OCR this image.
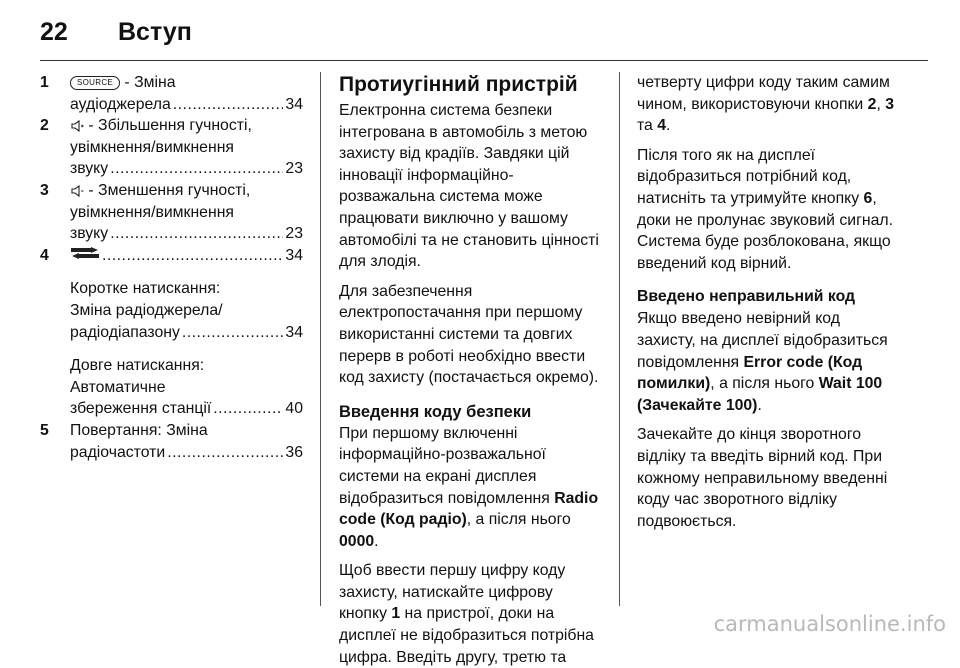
22 Вступ
1	SOURCE - Зміна
аудіоджерела .....	34
2	- Збільшення гучності,
увімкнення/вимкнення
звуку .....	23
3	- Зменшення гучності,
увімкнення/вимкнення
звуку .....	23
4 .....	34
Коротке натискання:
Зміна радіоджерела/
радіодіапазону .....	34
Довге натискання:
Автоматичне
збереження станції .....	40
5 Повертання: Зміна
радіочастоти .....	36
Протиугінний пристрій

Електронна система безпеки
інтегрована в автомобіль з метою
захисту від крадіїв. Завдяки цій
інновації інформаційно-
розважальна система може
працювати виключно у вашому
автомобілі та не становить цінності
для злодія.

Для забезпечення
електропостачання при першому
використанні системи та довгих
перерв в роботі необхідно ввести
код захисту (постачається окремо).

Введення коду безпеки

При першому включенні
інформаційно-розважальної
системи на екрані дисплея
відобразиться повідомлення Radio
code (Код радіо), а після нього
0000.

Щоб ввести першу цифру коду
захисту, натискайте цифрову
кнопку 1 на пристрої, доки на
дисплеї не відобразиться потрібна
цифра. Введіть другу, третю та

четверту цифри коду таким самим
чином, використовуючи кнопки 2, 3
та 4.

Після того як на дисплеї
відобразиться потрібний код,
натисніть та утримуйте кнопку 6,
доки не пролунає звуковий сигнал.
Система буде розблокована, якщо
введений код вірний.

Введено неправильний код

Якщо введено невірний код
захисту, на дисплеї відобразиться
повідомлення Error code (Код
помилки), а після нього Wait 100
(Зачекайте 100).

Зачекайте до кінця зворотного
відліку та введіть вірний код. При
кожному неправильному введенні
коду час зворотного відліку
подвоюється.

carmanualsonline.info
